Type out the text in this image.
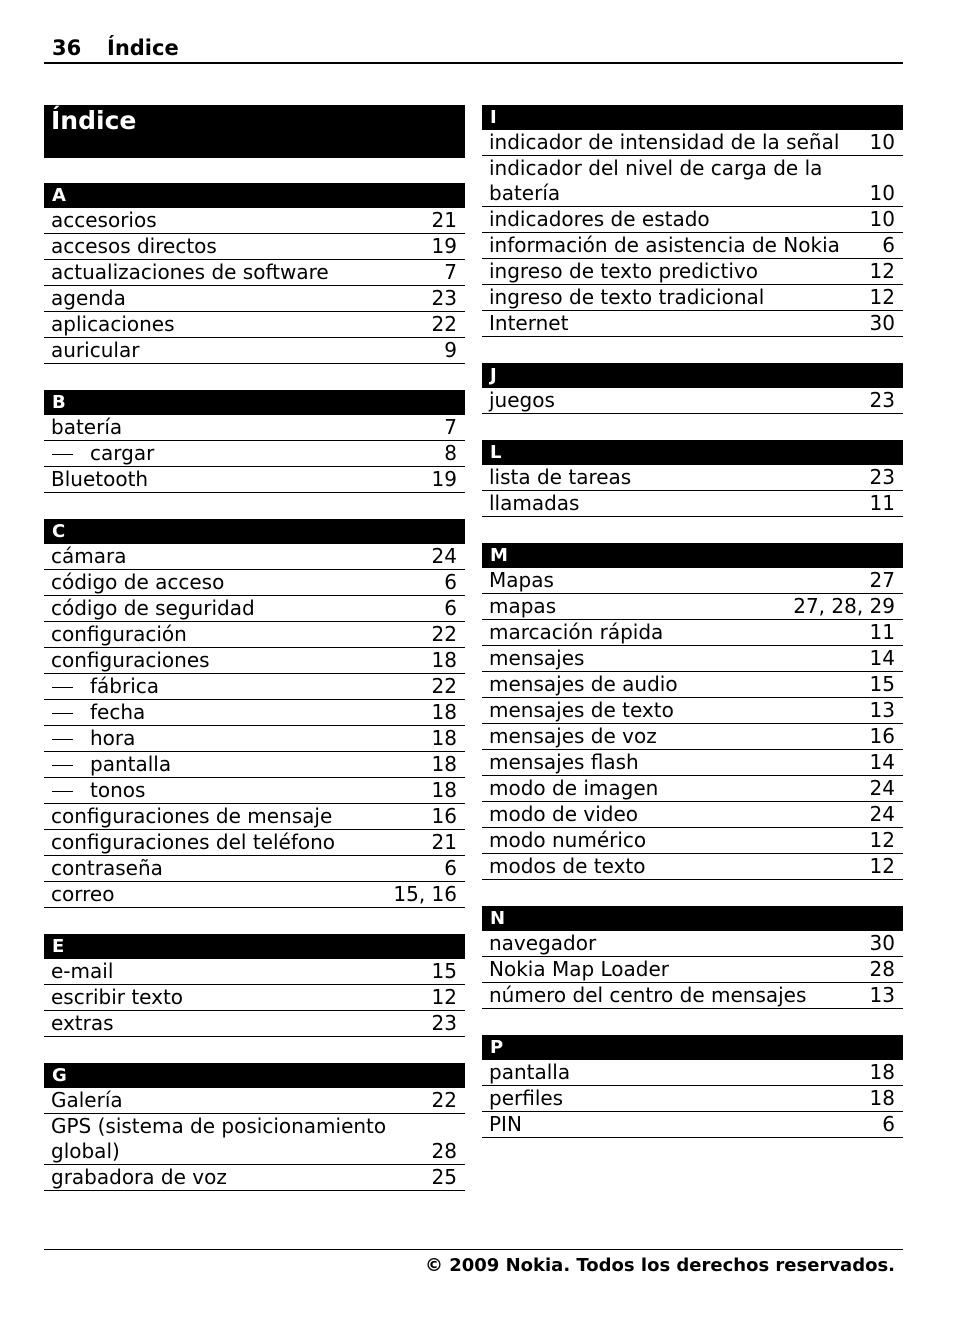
36 Índice
Índice
A
accesorios	21
accesos directos	19
actualizaciones de software	7
agenda	23
aplicaciones	22
auricular	9
B
batería	7
cargar	8
Bluetooth	19
C
cámara	24
código de acceso	6
código de seguridad	6
configuración	22
configuraciones	18
fábrica	22
fecha	18
hora	18
pantalla	18
tonos	18
configuraciones de mensaje	16
configuraciones del teléfono	21
contraseña	6
correo	15, 16
E
e-mail	15
escribir texto	12
extras	23
G
Galería	22
GPS (sistema de posicionamiento global)	28
grabadora de voz	25
I
indicador de intensidad de la señal	10
indicador del nivel de carga de la batería	10
indicadores de estado	10
información de asistencia de Nokia	6
ingreso de texto predictivo	12
ingreso de texto tradicional	12
Internet	30
J
juegos	23
L
lista de tareas	23
llamadas	11
M
Mapas	27
mapas	27, 28, 29
marcación rápida	11
mensajes	14
mensajes de audio	15
mensajes de texto	13
mensajes de voz	16
mensajes flash	14
modo de imagen	24
modo de video	24
modo numérico	12
modos de texto	12
N
navegador	30
Nokia Map Loader	28
número del centro de mensajes	13
P
pantalla	18
perfiles	18
PIN	6
© 2009 Nokia. Todos los derechos reservados.
